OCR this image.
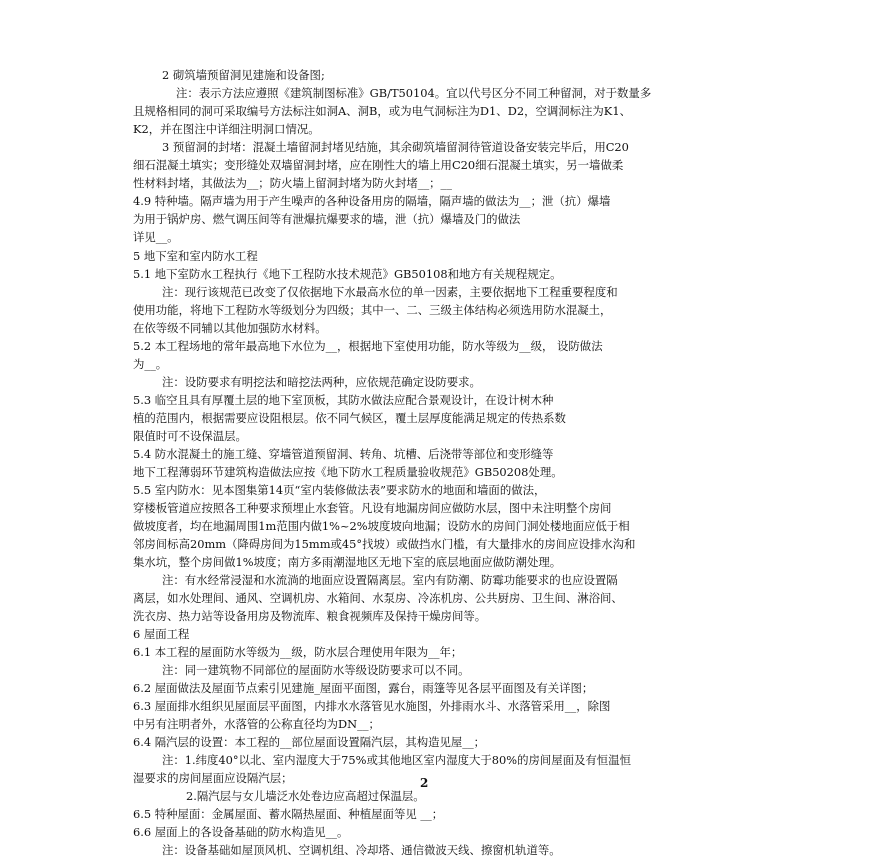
2 砌筑墙预留洞见建施和设备图;
注：表示方法应遵照《建筑制图标准》GB/T50104。宜以代号区分不同工种留洞，对于数量多
且规格相同的洞可采取编号方法标注如洞A、洞B，或为电气洞标注为D1、D2，空调洞标注为K1、
K2，并在图注中详细注明洞口情况。
3 预留洞的封堵：混凝土墙留洞封堵见结施，其余砌筑墙留洞待管道设备安装完毕后，用C20
细石混凝土填实；变形缝处双墙留洞封堵，应在刚性大的墙上用C20细石混凝土填实，另一墙做柔
性材料封堵，其做法为__；防火墙上留洞封堵为防火封堵__；__
4.9 特种墙。隔声墙为用于产生噪声的各种设备用房的隔墙，隔声墙的做法为__；泄（抗）爆墙
为用于锅炉房、燃气调压间等有泄爆抗爆要求的墙，泄（抗）爆墙及门的做法
详见__。
5 地下室和室内防水工程
5.1 地下室防水工程执行《地下工程防水技术规范》GB50108和地方有关规程规定。
注：现行该规范已改变了仅依据地下水最高水位的单一因素，主要依据地下工程重要程度和
使用功能，将地下工程防水等级划分为四级；其中一、二、三级主体结构必须选用防水混凝土，
在依等级不同辅以其他加强防水材料。
5.2 本工程场地的常年最高地下水位为__，根据地下室使用功能，防水等级为__级， 设防做法
为__。
注：设防要求有明挖法和暗挖法两种，应依规范确定设防要求。
5.3 临空且具有厚覆土层的地下室顶板，其防水做法应配合景观设计，在设计树木种
植的范围内，根据需要应设阻根层。依不同气候区，覆土层厚度能满足规定的传热系数
限值时可不设保温层。
5.4 防水混凝土的施工缝、穿墙管道预留洞、转角、坑槽、后浇带等部位和变形缝等
地下工程薄弱环节建筑构造做法应按《地下防水工程质量验收规范》GB50208处理。
5.5 室内防水：见本图集第14页“室内装修做法表”要求防水的地面和墙面的做法，
穿楼板管道应按照各工种要求预埋止水套管。凡设有地漏房间应做防水层，图中未注明整个房间
做坡度者，均在地漏周围1m范围内做1%~2%坡度坡向地漏；设防水的房间门洞处楼地面应低于相
邻房间标高20mm（降碍房间为15mm或45°找坡）或做挡水门槛，有大量排水的房间应设排水沟和
集水坑，整个房间做1%坡度；南方多雨潮湿地区无地下室的底层地面应做防潮处理。
注：有水经常浸湿和水流淌的地面应设置隔离层。室内有防潮、防霉功能要求的也应设置隔
离层，如水处理间、通风、空调机房、水箱间、水泵房、冷冻机房、公共厨房、卫生间、淋浴间、
洗衣房、热力站等设备用房及物流库、粮食视频库及保持干燥房间等。
6 屋面工程
6.1 本工程的屋面防水等级为__级，防水层合理使用年限为__年；
注：同一建筑物不同部位的屋面防水等级设防要求可以不同。
6.2 屋面做法及屋面节点索引见建施_屋面平面图，露台，雨篷等见各层平面图及有关详图；
6.3 屋面排水组织见屋面层平面图，内排水水落管见水施图，外排雨水斗、水落管采用__，除图
中另有注明者外，水落管的公称直径均为DN__；
6.4 隔汽层的设置：本工程的__部位屋面设置隔汽层，其构造见屋__；
注：1.纬度40°以北、室内湿度大于75%或其他地区室内湿度大于80%的房间屋面及有恒温恒
湿要求的房间屋面应设隔汽层；
2.隔汽层与女儿墙泛水处卷边应高超过保温层。
6.5 特种屋面：金属屋面、蓄水隔热屋面、种植屋面等见 __；
6.6 屋面上的各设备基础的防水构造见__。
注：设备基础如屋顶风机、空调机组、冷却塔、通信微波天线、擦窗机轨道等。
2
